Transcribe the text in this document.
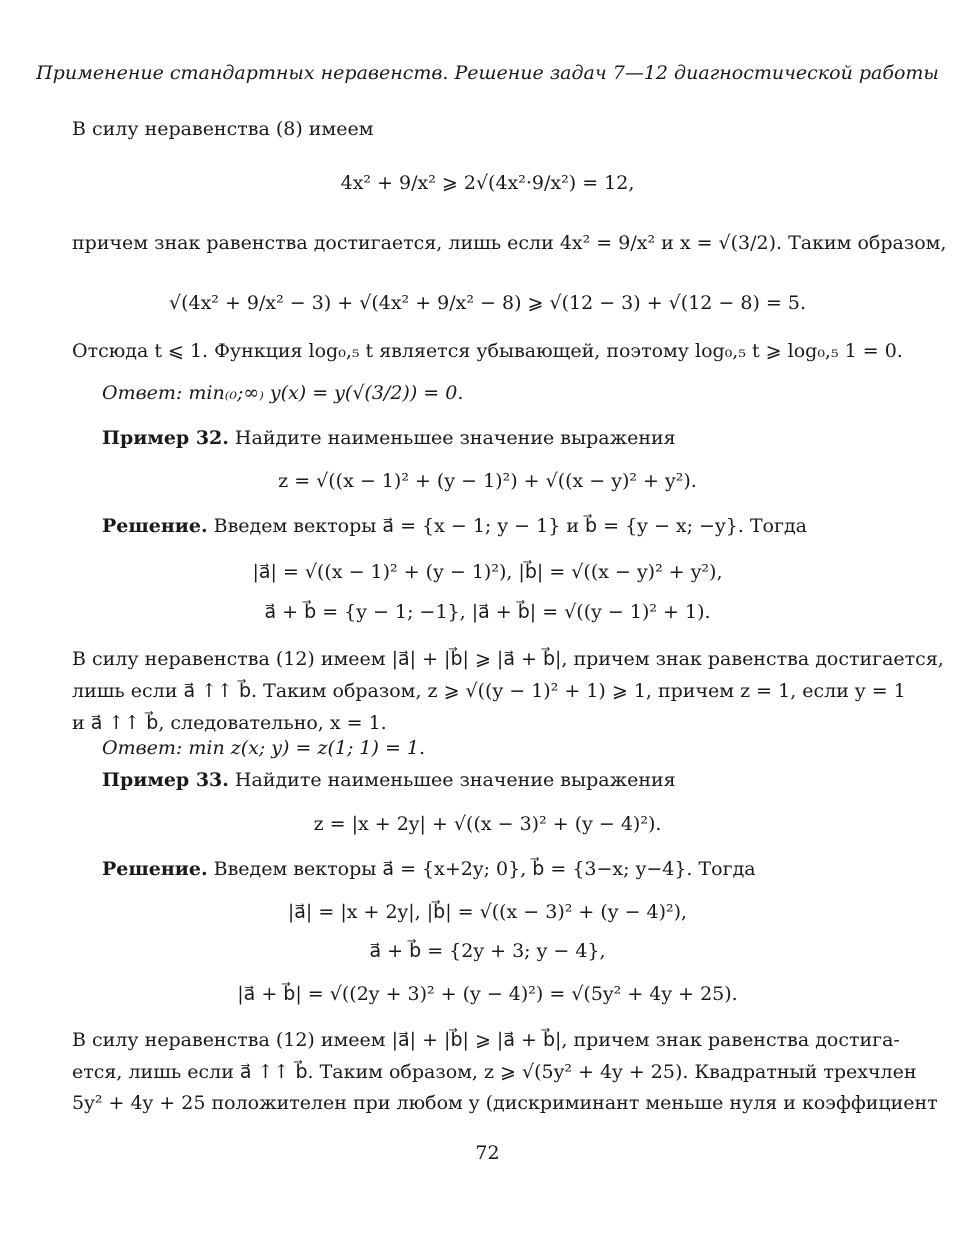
Применение стандартных неравенств. Решение задач 7—12 диагностической работы
В силу неравенства (8) имеем
4x² + 9/x² ⩾ 2√(4x²·9/x²) = 12,
причем знак равенства достигается, лишь если 4x² = 9/x² и x = √(3/2). Таким образом,
√(4x² + 9/x² − 3) + √(4x² + 9/x² − 8) ⩾ √(12 − 3) + √(12 − 8) = 5.
Отсюда t ⩽ 1. Функция log₀,₅ t является убывающей, поэтому log₀,₅ t ⩾ log₀,₅ 1 = 0.
Ответ: min₍₀;∞₎ y(x) = y(√(3/2)) = 0.
Пример 32. Найдите наименьшее значение выражения
z = √((x − 1)² + (y − 1)²) + √((x − y)² + y²).
Решение. Введем векторы a⃗ = {x − 1; y − 1} и b⃗ = {y − x; −y}. Тогда
|a⃗| = √((x − 1)² + (y − 1)²), |b⃗| = √((x − y)² + y²),
a⃗ + b⃗ = {y − 1; −1}, |a⃗ + b⃗| = √((y − 1)² + 1).
В силу неравенства (12) имеем |a⃗| + |b⃗| ⩾ |a⃗ + b⃗|, причем знак равенства достигается,
лишь если a⃗ ↑↑ b⃗. Таким образом, z ⩾ √((y − 1)² + 1) ⩾ 1, причем z = 1, если y = 1
и a⃗ ↑↑ b⃗, следовательно, x = 1.
Ответ: min z(x; y) = z(1; 1) = 1.
Пример 33. Найдите наименьшее значение выражения
z = |x + 2y| + √((x − 3)² + (y − 4)²).
Решение. Введем векторы a⃗ = {x+2y; 0}, b⃗ = {3−x; y−4}. Тогда
|a⃗| = |x + 2y|, |b⃗| = √((x − 3)² + (y − 4)²),
a⃗ + b⃗ = {2y + 3; y − 4},
|a⃗ + b⃗| = √((2y + 3)² + (y − 4)²) = √(5y² + 4y + 25).
В силу неравенства (12) имеем |a⃗| + |b⃗| ⩾ |a⃗ + b⃗|, причем знак равенства достига-
ется, лишь если a⃗ ↑↑ b⃗. Таким образом, z ⩾ √(5y² + 4y + 25). Квадратный трехчлен
5y² + 4y + 25 положителен при любом y (дискриминант меньше нуля и коэффициент
72
